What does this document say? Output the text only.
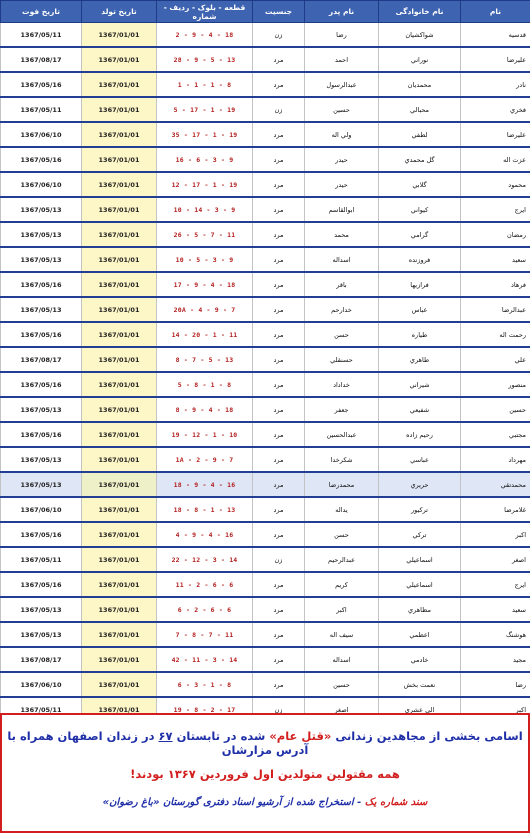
نام	نام خانوادگی	نام پدر	جنسیت	قطعه - بلوک - ردیف - شماره	تاریخ تولد	تاریخ فوت
قدسیه	شواکشیان	رضا	زن	18 - 4 - 9 - 2	1367/01/01	1367/05/11
علیرضا	نوراني	احمد	مرد	13 - 5 - 9 - 28	1367/01/01	1367/08/17
نادر	محمدیان	عبدالرسول	مرد	8 - 1 - 1 - 1	1367/01/01	1367/05/16
فخري	محبالي	حسین	زن	19 - 1 - 17 - 5	1367/01/01	1367/05/11
علیرضا	لطفي	ولي اله	مرد	19 - 1 - 17 - 35	1367/01/01	1367/06/10
عزت اله	گل محمدي	حیدر	مرد	9 - 3 - 6 - 16	1367/01/01	1367/05/16
محمود	گلابي	حیدر	مرد	19 - 1 - 17 - 12	1367/01/01	1367/06/10
ایرج	کیواني	ابوالقاسم	مرد	9 - 3 - 14 - 10	1367/01/01	1367/05/13
رمضان	گرامي	محمد	مرد	11 - 7 - 5 - 26	1367/01/01	1367/05/13
سعید	فروزنده	اسداله	مرد	9 - 3 - 5 - 10	1367/01/01	1367/05/13
فرهاد	فرازیها	باقر	مرد	18 - 4 - 9 - 17	1367/01/01	1367/05/16
عبدالرضا	عباس	خدارحم	مرد	7 - 9 - 4 - 20A	1367/01/01	1367/05/13
رحمت اله	طیاره	حسن	مرد	11 - 1 - 20 - 14	1367/01/01	1367/05/16
علي	طاهري	حسنقلي	مرد	13 - 5 - 7 - 8	1367/01/01	1367/08/17
منصور	شیراني	خداداد	مرد	8 - 1 - 8 - 5	1367/01/01	1367/05/16
حسین	شفیعي	جعفر	مرد	18 - 4 - 9 - 8	1367/01/01	1367/05/13
مجتبي	رحیم زاده	عبدالحسین	مرد	10 - 1 - 12 - 19	1367/01/01	1367/05/16
مهرداد	عباسي	شکرخدا	مرد	7 - 9 - 2 - 1A	1367/01/01	1367/05/13
محمدتقي	حریري	محمدرضا	مرد	16 - 4 - 9 - 18	1367/01/01	1367/05/13
غلامرضا	ترکیور	یداله	مرد	13 - 1 - 8 - 18	1367/01/01	1367/06/10
اکبر	ترکي	حسن	مرد	16 - 4 - 9 - 4	1367/01/01	1367/05/16
اصغر	اسماعیلي	عبدالرحیم	زن	14 - 3 - 12 - 22	1367/01/01	1367/05/11
ایرج	اسماعیلي	کریم	مرد	6 - 6 - 2 - 11	1367/01/01	1367/05/16
سعید	مظاهري	اکبر	مرد	6 - 6 - 2 - 6	1367/01/01	1367/05/13
هوشنگ	اعظمي	سیف اله	مرد	11 - 7 - 8 - 7	1367/01/01	1367/05/13
مجید	خادمي	اسداله	مرد	14 - 3 - 11 - 42	1367/01/01	1367/08/17
رضا	نعمت بخش	حسین	مرد	8 - 1 - 3 - 6	1367/01/01	1367/06/10
اکبر	الي عشري	اصغر	زن	17 - 2 - 8 - 19	1367/01/01	1367/05/11
اسامی بخشی از مجاهدین زندانی «قتل عام» شده در تابستان ۶۷ در زندان اصفهان همراه با آدرس مزارشان
همه مقتولین متولدین اول فروردین ۱۳۶۷ بودند!
سند شماره یک - استخراج شده از آرشیو اسناد دفتری گورستان «باغ رضوان»
